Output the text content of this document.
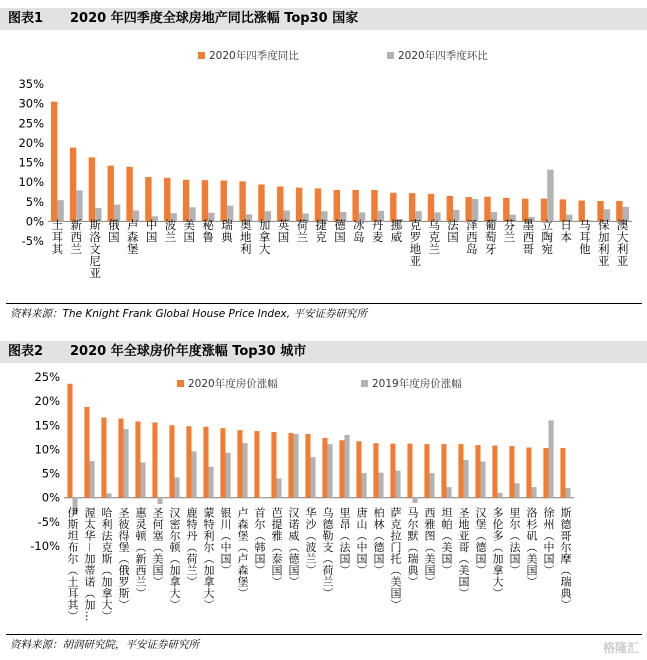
图表1 2020 年四季度全球房地产同比涨幅 Top30 国家
-5%
0%
5%
10%
15%
20%
25%
30%
35%
2020年四季度同比	2020年四季度环比
土耳其 新西兰 斯洛文尼亚 俄国 卢森堡 中国 波兰 美国 秘鲁 瑞典 奥地利 加拿大 英国 荷兰 捷克 德国 冰岛 丹麦 挪威 克罗地亚 乌克兰 法国 泽西岛 葡萄牙 芬兰 墨西哥 立陶宛 日本 马耳他 保加利亚 澳大利亚
资料来源：The Knight Frank Global House Price Index, 平安证券研究所
图表2 2020 年全球房价年度涨幅 Top30 城市
-10%
-5%
0%
5%
10%
15%
20%
25%	2020年度房价涨幅	2019年度房价涨幅
伊斯坦布尔（土耳其） 渥太华－加蒂诺（加… 哈利法克斯（加拿大） 圣彼得堡（俄罗斯） 惠灵顿（新西兰） 圣何塞（美国） 汉密尔顿（加拿大） 鹿特丹（荷兰） 蒙特利尔（加拿大） 银川（中国） 卢森堡（卢森堡） 首尔（韩国） 芭提雅（泰国） 汉诺威（德国） 华沙（波兰） 乌德勒支（荷兰） 里昂（法国） 唐山（中国） 柏林（德国） 萨克拉门托（美国） 马尔默（瑞典） 西雅图（美国） 坦帕（美国） 圣地亚哥（美国） 汉堡（德国） 多伦多（加拿大） 里尔（法国） 洛杉矶（美国） 徐州（中国） 斯德哥尔摩（瑞典）
资料来源：胡润研究院，平安证券研究所	格隆汇
